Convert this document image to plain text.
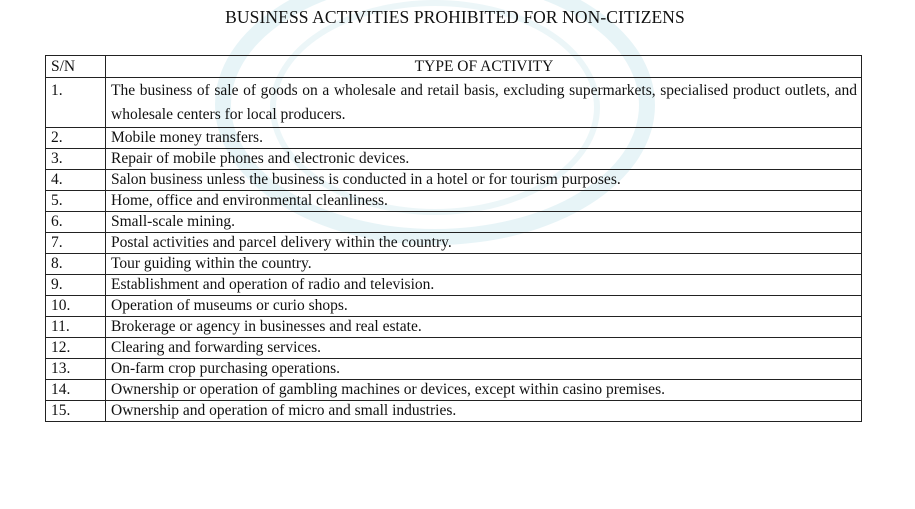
BUSINESS ACTIVITIES PROHIBITED FOR NON-CITIZENS
S/N	TYPE OF ACTIVITY
1.	The business of sale of goods on a wholesale and retail basis, excluding supermarkets, specialised product outlets, and wholesale centers for local producers.
2.	Mobile money transfers.
3.	Repair of mobile phones and electronic devices.
4.	Salon business unless the business is conducted in a hotel or for tourism purposes.
5.	Home, office and environmental cleanliness.
6.	Small-scale mining.
7.	Postal activities and parcel delivery within the country.
8.	Tour guiding within the country.
9.	Establishment and operation of radio and television.
10.	Operation of museums or curio shops.
11.	Brokerage or agency in businesses and real estate.
12.	Clearing and forwarding services.
13.	On-farm crop purchasing operations.
14.	Ownership or operation of gambling machines or devices, except within casino premises.
15.	Ownership and operation of micro and small industries.
